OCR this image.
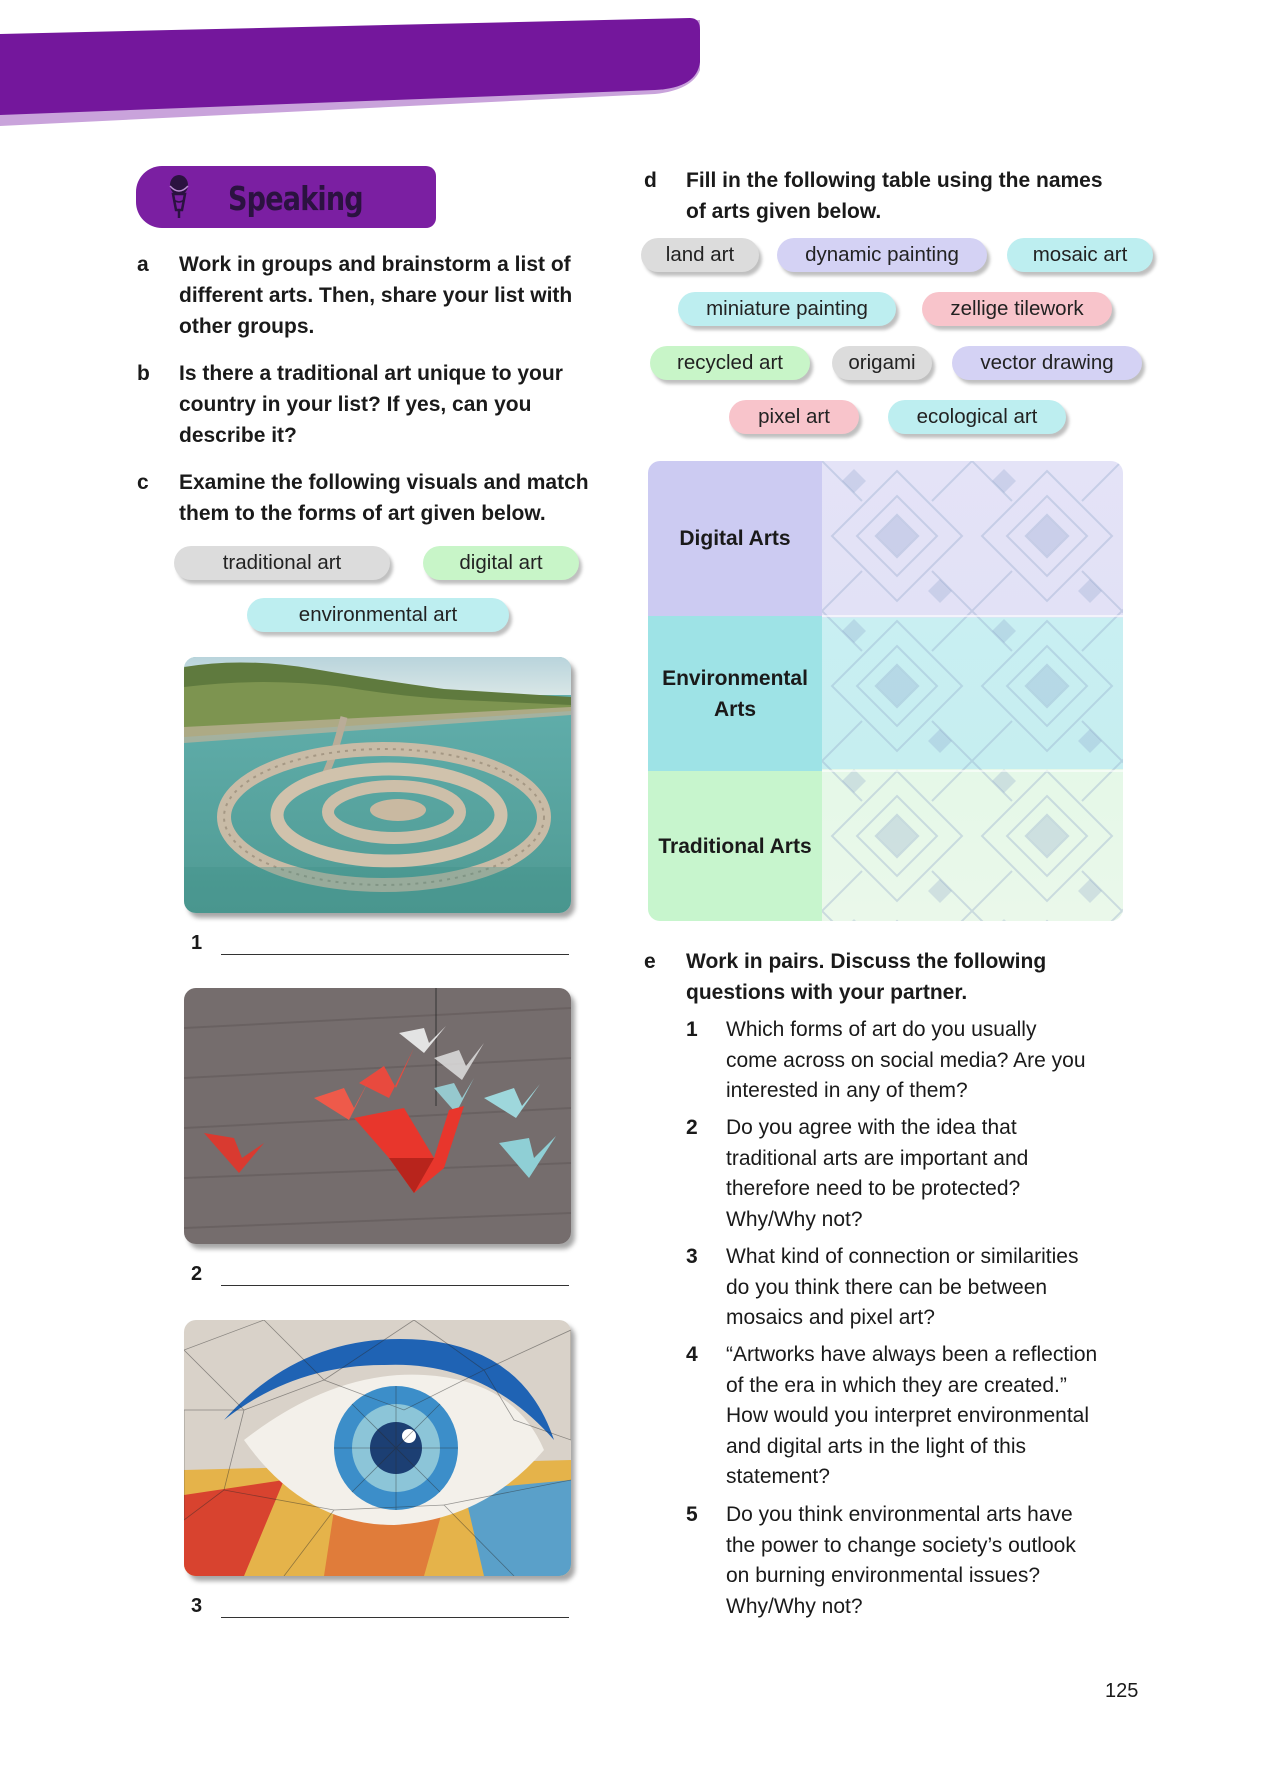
Speaking
a	Work in groups and brainstorm a list of
different arts. Then, share your list with
other groups.
b	Is there a traditional art unique to your
country in your list? If yes, can you
describe it?
c	Examine the following visuals and match
them to the forms of art given below.
traditional art	digital art
environmental art
1
2
3
d	Fill in the following table using the names
of arts given below.
land art	dynamic painting	mosaic art
miniature painting	zellige tilework
recycled art	origami	vector drawing
pixel art	ecological art
Digital Arts
Environmental
Arts
Traditional Arts
e	Work in pairs. Discuss the following
questions with your partner.
1 Which forms of art do you usually
come across on social media? Are you
interested in any of them?
2 Do you agree with the idea that
traditional arts are important and
therefore need to be protected?
Why/Why not?
3 What kind of connection or similarities
do you think there can be between
mosaics and pixel art?
4 “Artworks have always been a reflection
of the era in which they are created.”
How would you interpret environmental
and digital arts in the light of this
statement?
5 Do you think environmental arts have
the power to change society’s outlook
on burning environmental issues?
Why/Why not?
125
